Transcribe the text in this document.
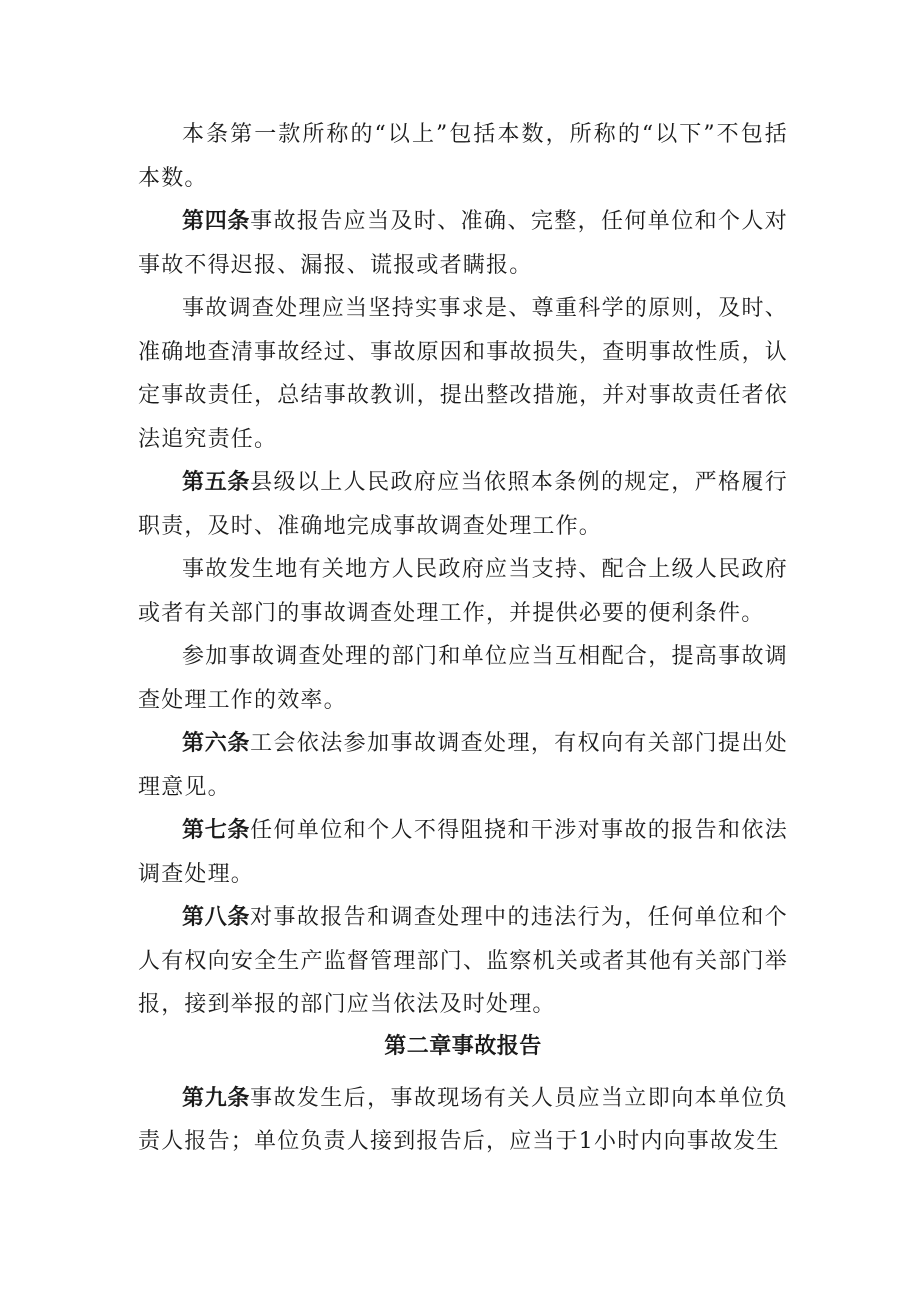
本条第一款所称的“以上”包括本数，所称的“以下”不包括本数。

第四条事故报告应当及时、准确、完整，任何单位和个人对事故不得迟报、漏报、谎报或者瞒报。

事故调查处理应当坚持实事求是、尊重科学的原则，及时、准确地查清事故经过、事故原因和事故损失，查明事故性质，认定事故责任，总结事故教训，提出整改措施，并对事故责任者依法追究责任。

第五条县级以上人民政府应当依照本条例的规定，严格履行职责，及时、准确地完成事故调查处理工作。

事故发生地有关地方人民政府应当支持、配合上级人民政府或者有关部门的事故调查处理工作，并提供必要的便利条件。

参加事故调查处理的部门和单位应当互相配合，提高事故调查处理工作的效率。

第六条工会依法参加事故调查处理，有权向有关部门提出处理意见。

第七条任何单位和个人不得阻挠和干涉对事故的报告和依法调查处理。

第八条对事故报告和调查处理中的违法行为，任何单位和个人有权向安全生产监督管理部门、监察机关或者其他有关部门举报，接到举报的部门应当依法及时处理。

第二章事故报告

第九条事故发生后，事故现场有关人员应当立即向本单位负责人报告；单位负责人接到报告后，应当于1小时内向事故发生
